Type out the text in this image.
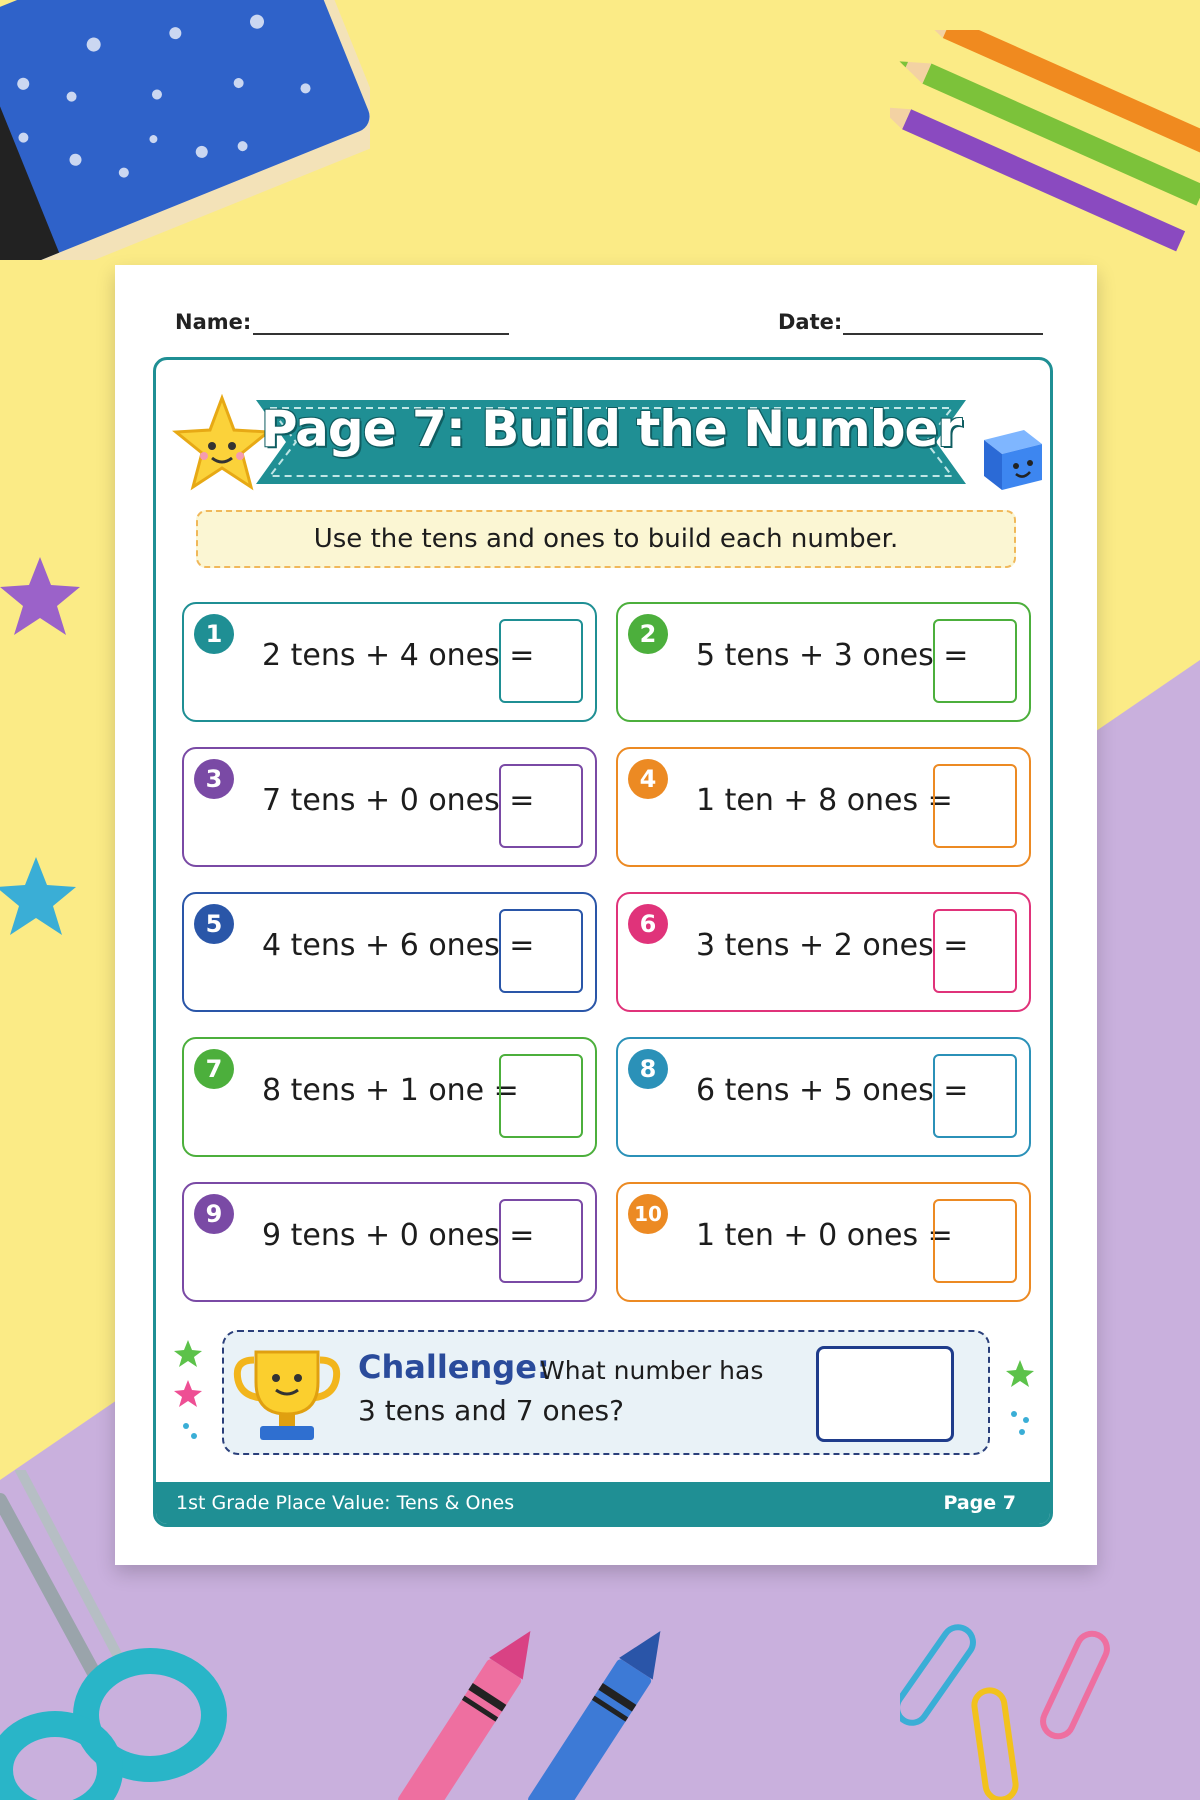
Name:	Date:
Page 7: Build the Number
Use the tens and ones to build each number.
1
2 tens + 4 ones =
2
5 tens + 3 ones =
3
7 tens + 0 ones =
4
1 ten + 8 ones =
5
4 tens + 6 ones =
6
3 tens + 2 ones =
7
8 tens + 1 one =
8
6 tens + 5 ones =
9
9 tens + 0 ones =
10
1 ten + 0 ones =
Challenge:
What number has
3 tens and 7 ones?
1st Grade Place Value: Tens & Ones	Page 7
